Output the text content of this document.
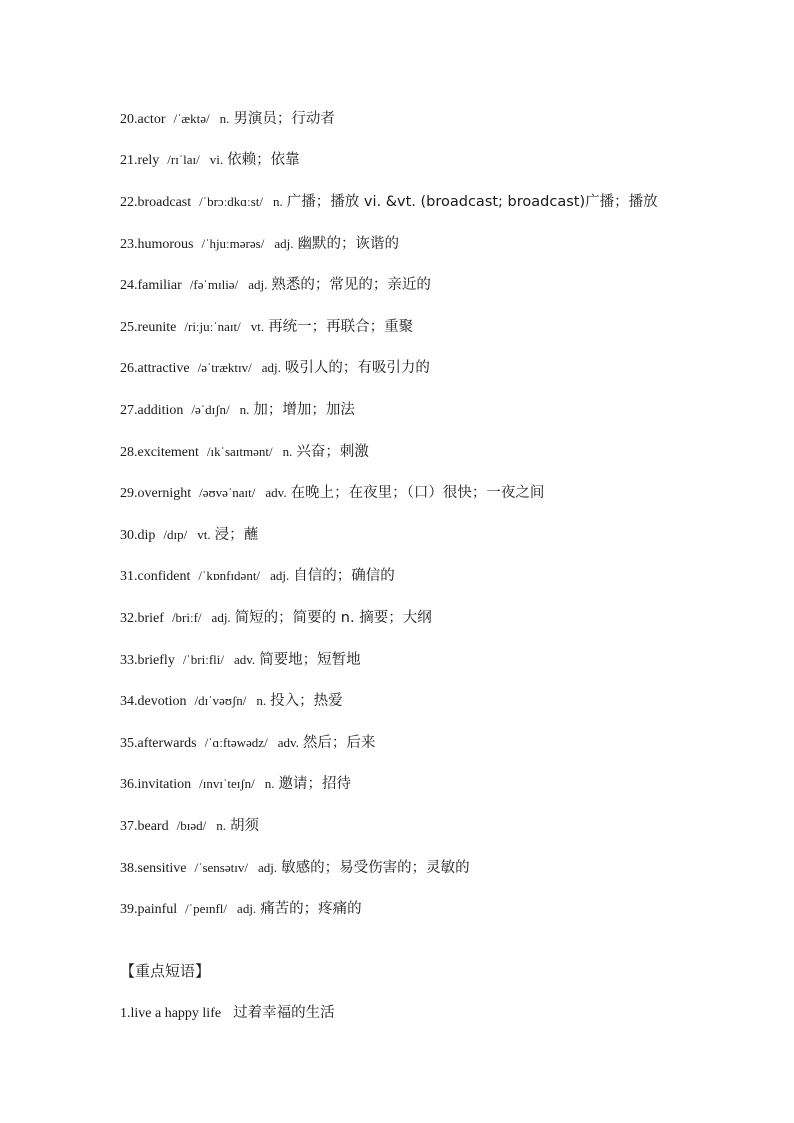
20.actor /ˈæktə/ n. 男演员；行动者
21.rely /rɪˈlaɪ/ vi. 依赖；依靠
22.broadcast /ˈbrɔːdkɑːst/ n. 广播；播放 vi. &vt. (broadcast; broadcast)广播；播放
23.humorous /ˈhjuːmərəs/ adj. 幽默的；诙谐的
24.familiar /fəˈmɪliə/ adj. 熟悉的；常见的；亲近的
25.reunite /riːjuːˈnaɪt/ vt. 再统一；再联合；重聚
26.attractive /əˈtræktɪv/ adj. 吸引人的；有吸引力的
27.addition /əˈdɪʃn/ n. 加；增加；加法
28.excitement /ɪkˈsaɪtmənt/ n. 兴奋；刺激
29.overnight /əʊvəˈnaɪt/ adv. 在晚上；在夜里；（口）很快；一夜之间
30.dip /dɪp/ vt. 浸；蘸
31.confident /ˈkɒnfɪdənt/ adj. 自信的；确信的
32.brief /briːf/ adj. 简短的；简要的 n. 摘要；大纲
33.briefly /ˈbriːfli/ adv. 简要地；短暂地
34.devotion /dɪˈvəʊʃn/ n. 投入；热爱
35.afterwards /ˈɑːftəwədz/ adv. 然后；后来
36.invitation /ɪnvɪˈteɪʃn/ n. 邀请；招待
37.beard /bɪəd/ n. 胡须
38.sensitive /ˈsensətɪv/ adj. 敏感的；易受伤害的；灵敏的
39.painful /ˈpeɪnfl/ adj. 痛苦的；疼痛的
【重点短语】
1.live a happy life 过着幸福的生活
